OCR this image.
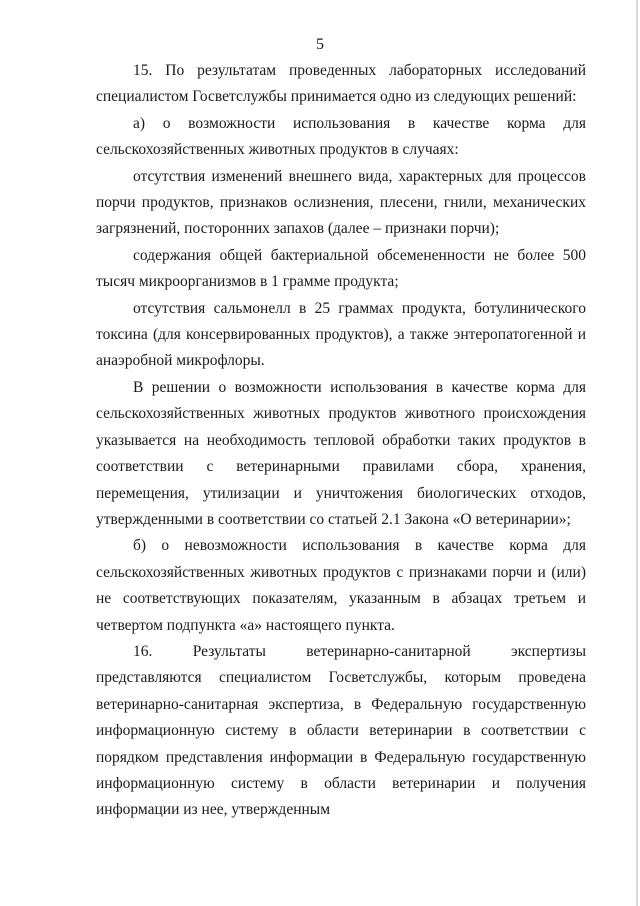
5

15. По результатам проведенных лабораторных исследований специалистом Госветслужбы принимается одно из следующих решений:

а) о возможности использования в качестве корма для сельскохозяйственных животных продуктов в случаях:

отсутствия изменений внешнего вида, характерных для процессов порчи продуктов, признаков ослизнения, плесени, гнили, механических загрязнений, посторонних запахов (далее – признаки порчи);

содержания общей бактериальной обсемененности не более 500 тысяч микроорганизмов в 1 грамме продукта;

отсутствия сальмонелл в 25 граммах продукта, ботулинического токсина (для консервированных продуктов), а также энтеропатогенной и анаэробной микрофлоры.

В решении о возможности использования в качестве корма для сельскохозяйственных животных продуктов животного происхождения указывается на необходимость тепловой обработки таких продуктов в соответствии с ветеринарными правилами сбора, хранения, перемещения, утилизации и уничтожения биологических отходов, утвержденными в соответствии со статьей 2.1 Закона «О ветеринарии»;

б) о невозможности использования в качестве корма для сельскохозяйственных животных продуктов с признаками порчи и (или) не соответствующих показателям, указанным в абзацах третьем и четвертом подпункта «а» настоящего пункта.

16. Результаты ветеринарно-санитарной экспертизы представляются специалистом Госветслужбы, которым проведена ветеринарно-санитарная экспертиза, в Федеральную государственную информационную систему в области ветеринарии в соответствии с порядком представления информации в Федеральную государственную информационную систему в области ветеринарии и получения информации из нее, утвержденным
